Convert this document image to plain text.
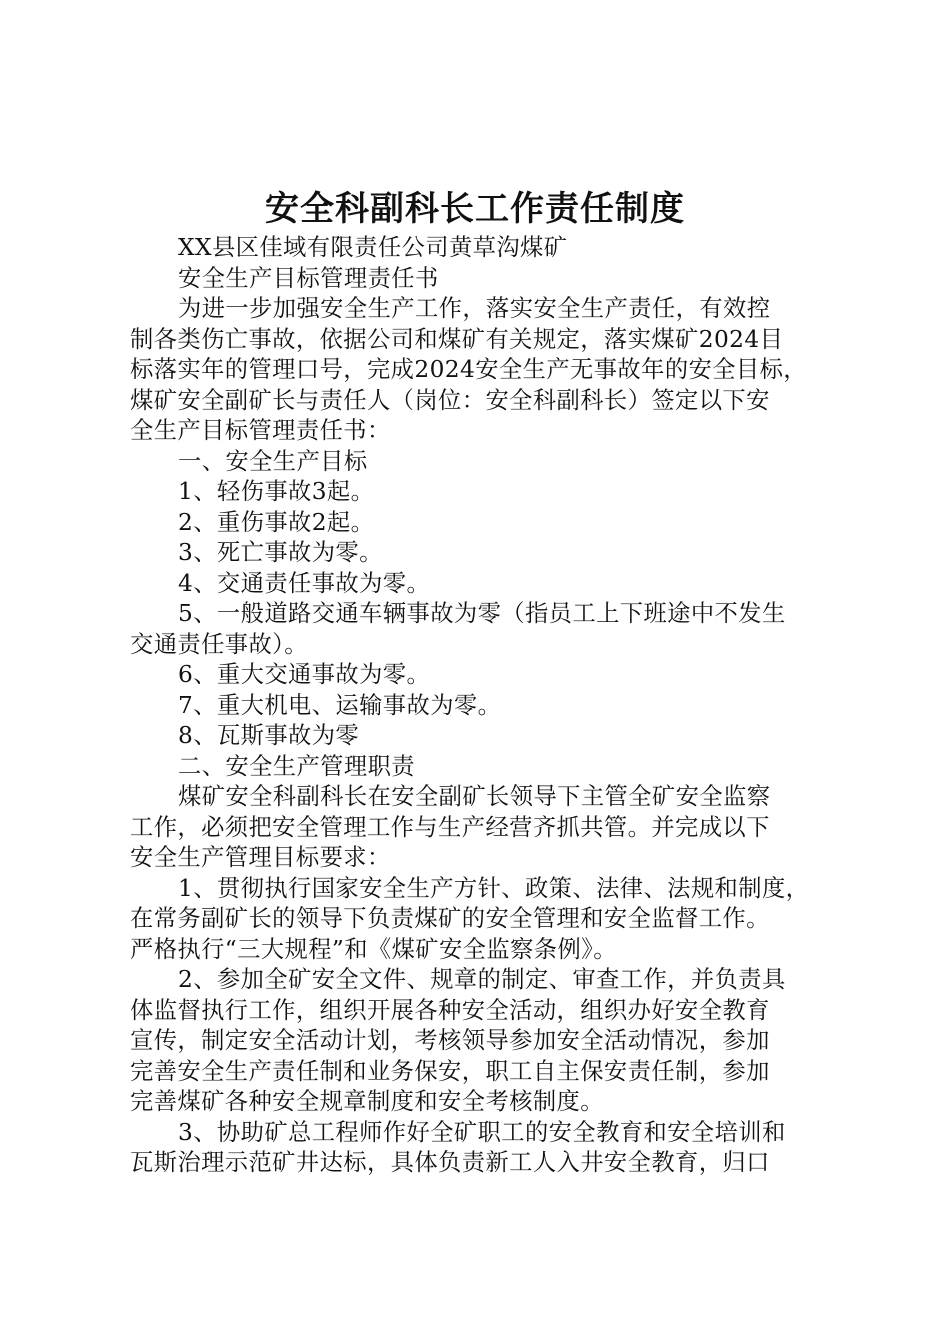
安全科副科长工作责任制度
XX县区佳域有限责任公司黄草沟煤矿
安全生产目标管理责任书
为进一步加强安全生产工作，落实安全生产责任，有效控
制各类伤亡事故，依据公司和煤矿有关规定，落实煤矿2024目
标落实年的管理口号，完成2024安全生产无事故年的安全目标，
煤矿安全副矿长与责任人（岗位：安全科副科长）签定以下安
全生产目标管理责任书：
一、安全生产目标
1、轻伤事故3起。
2、重伤事故2起。
3、死亡事故为零。
4、交通责任事故为零。
5、一般道路交通车辆事故为零（指员工上下班途中不发生
交通责任事故）。
6、重大交通事故为零。
7、重大机电、运输事故为零。
8、瓦斯事故为零
二、安全生产管理职责
煤矿安全科副科长在安全副矿长领导下主管全矿安全监察
工作，必须把安全管理工作与生产经营齐抓共管。并完成以下
安全生产管理目标要求：
1、贯彻执行国家安全生产方针、政策、法律、法规和制度，
在常务副矿长的领导下负责煤矿的安全管理和安全监督工作。
严格执行“三大规程”和《煤矿安全监察条例》。
2、参加全矿安全文件、规章的制定、审查工作，并负责具
体监督执行工作，组织开展各种安全活动，组织办好安全教育
宣传，制定安全活动计划，考核领导参加安全活动情况，参加
完善安全生产责任制和业务保安，职工自主保安责任制，参加
完善煤矿各种安全规章制度和安全考核制度。
3、协助矿总工程师作好全矿职工的安全教育和安全培训和
瓦斯治理示范矿井达标，具体负责新工人入井安全教育，归口
